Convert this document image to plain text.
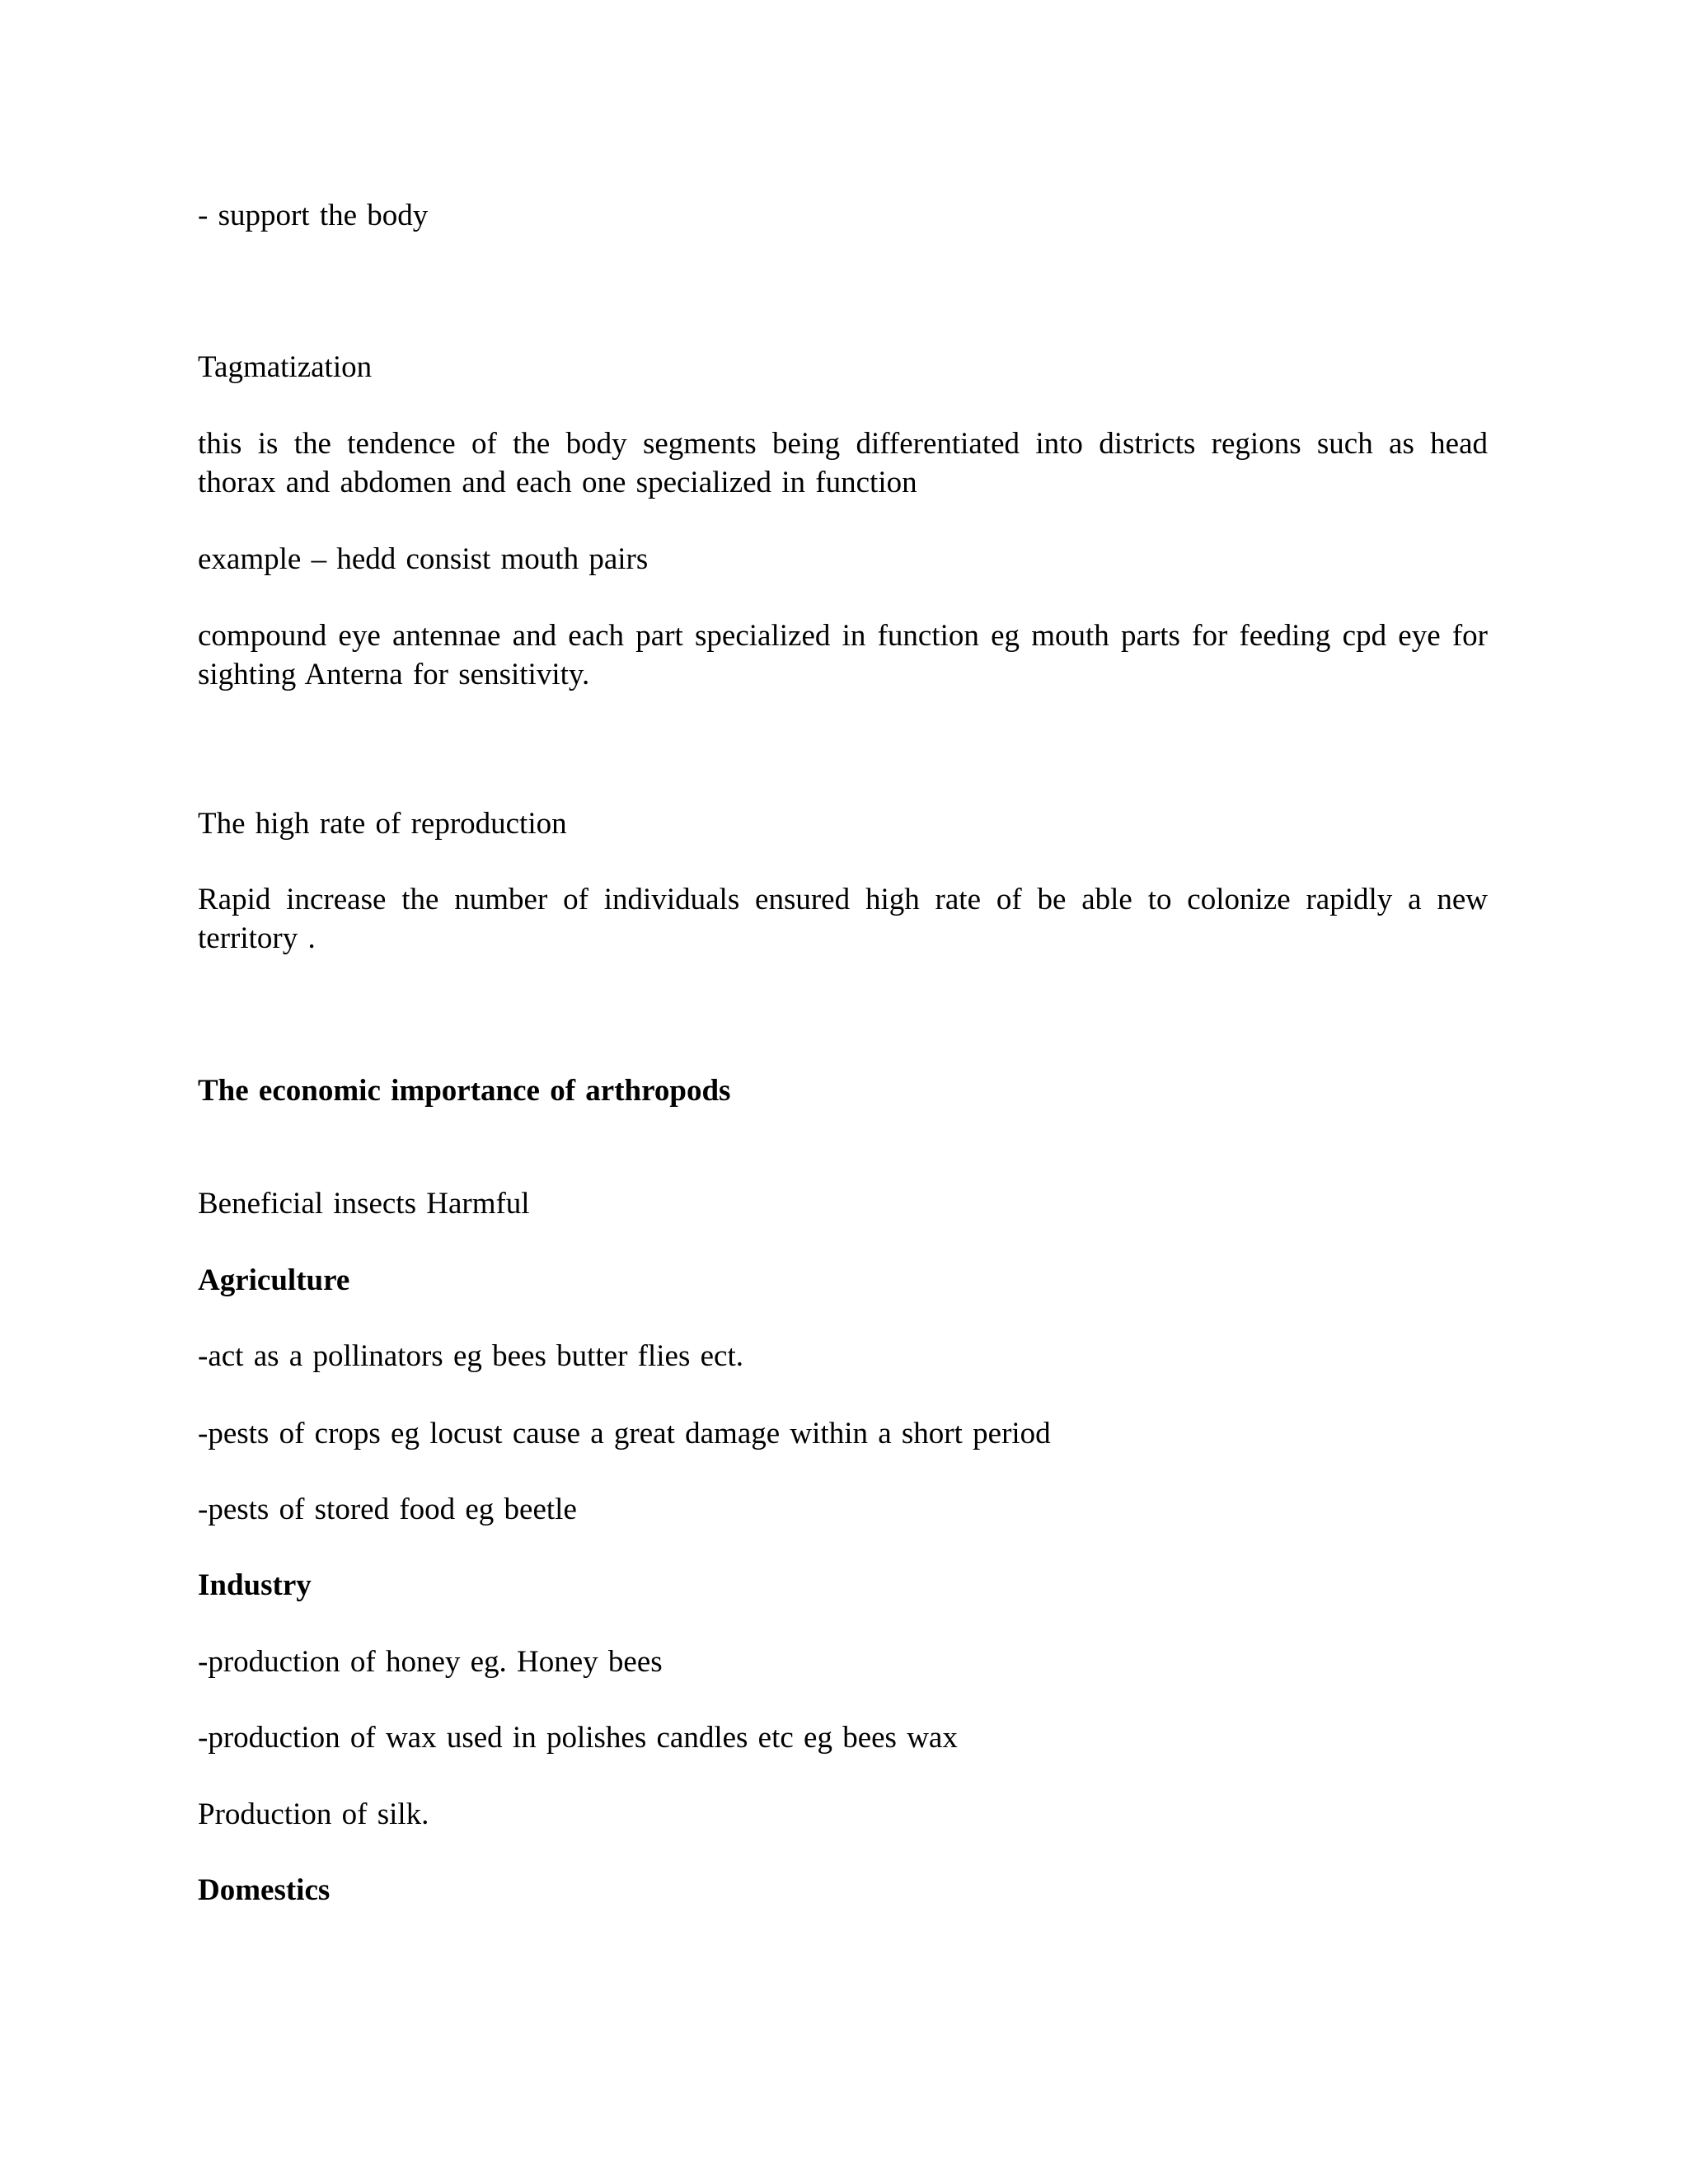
- support the body
Tagmatization
this is the tendence of the body segments being differentiated into districts regions such as head thorax and abdomen and each one specialized in function
example – hedd consist mouth pairs
compound eye antennae and each part specialized in function eg mouth parts for feeding cpd eye for sighting Anterna for sensitivity.
The high rate of reproduction
Rapid increase the number of individuals ensured high rate of be able to colonize rapidly a new territory .
The economic importance of arthropods
Beneficial insects Harmful
Agriculture
-act as a pollinators eg bees butter flies ect.
-pests of crops eg locust cause a great damage within a short period
-pests of stored food eg beetle
Industry
-production of honey eg. Honey bees
-production of wax used in polishes candles etc eg bees wax
Production of silk.
Domestics
